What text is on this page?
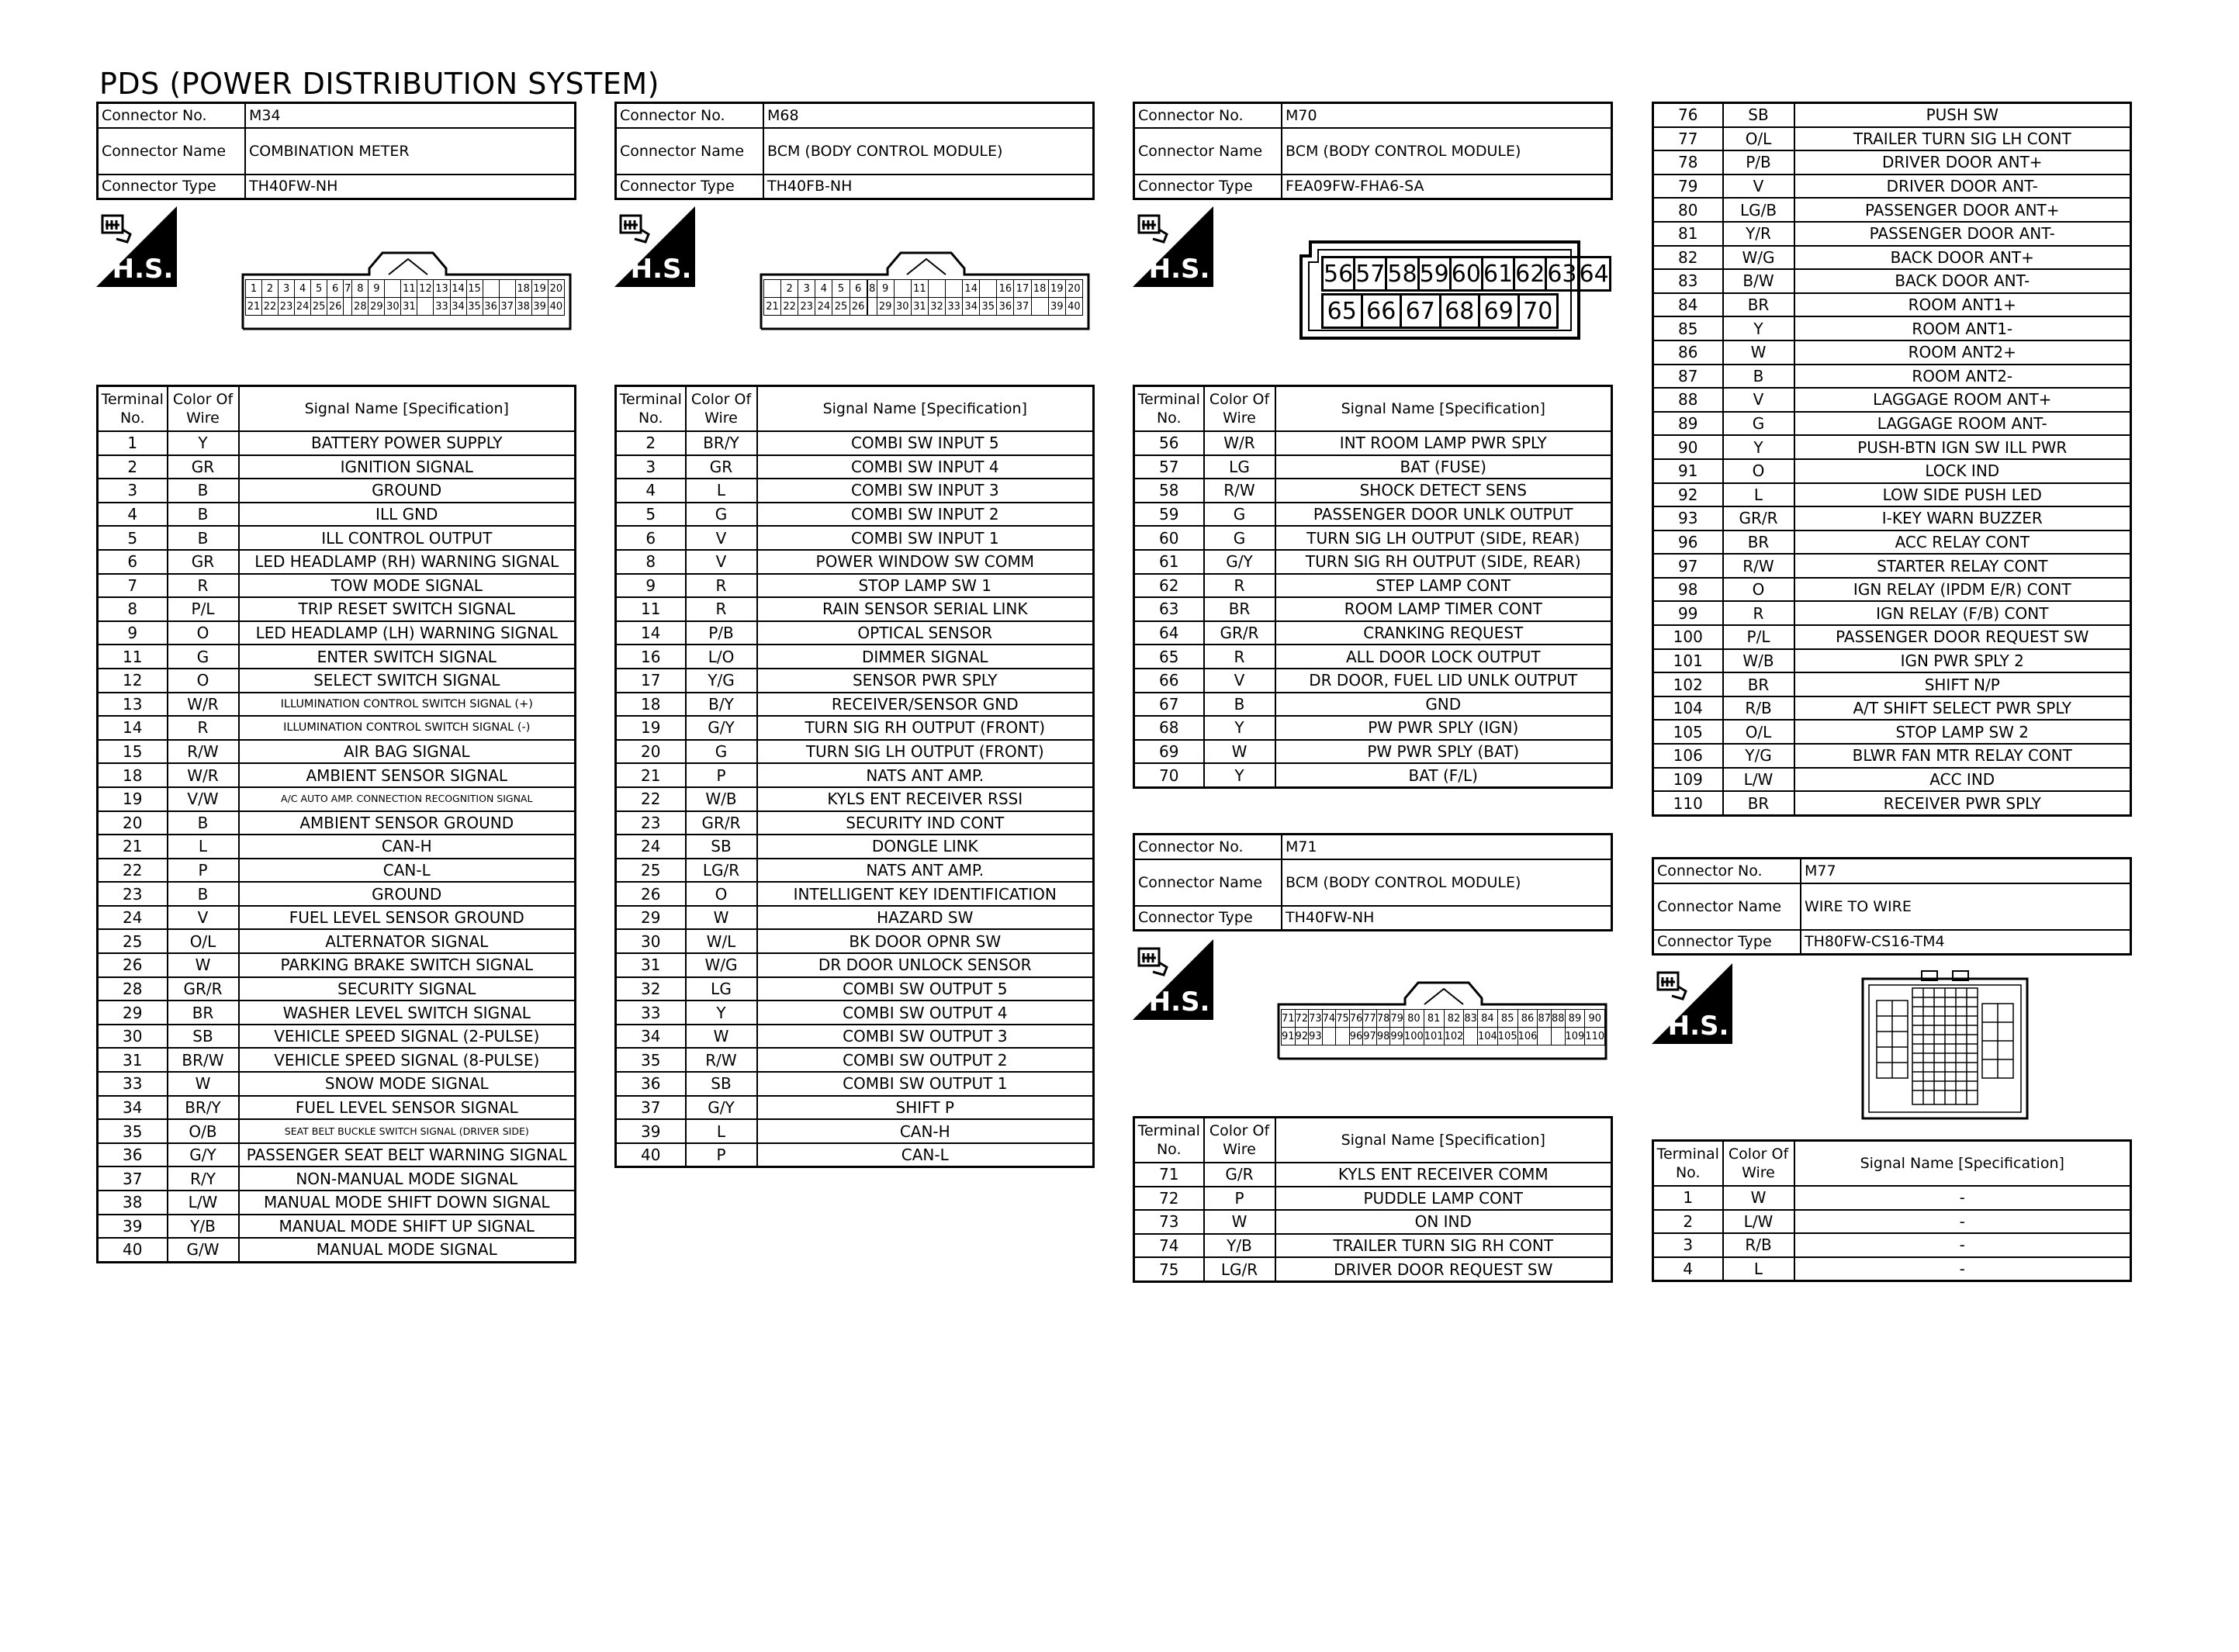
PDS (POWER DISTRIBUTION SYSTEM)
Connector No.	M34
Connector Name	COMBINATION METER
Connector Type	TH40FW-NH
Connector No.	M68
Connector Name	BCM (BODY CONTROL MODULE)
Connector Type	TH40FB-NH
Connector No.	M70
Connector Name	BCM (BODY CONTROL MODULE)
Connector Type	FEA09FW-FHA6-SA
Connector No.	M71
Connector Name	BCM (BODY CONTROL MODULE)
Connector Type	TH40FW-NH
Connector No.	M77
Connector Name	WIRE TO WIRE
Connector Type	TH80FW-CS16-TM4
H.S.	H.S.	H.S.
H.S.
H.S.
1	2	3	4	5	6	7	8	9		11	12	13	14	15			18	19	20
21	22	23	24	25	26		28	29	30	31		33	34	35	36	37	38	39	40
	2	3	4	5	6		8	9		11			14		16	17	18	19	20
21	22	23	24	25	26			29	30	31	32	33	34	35	36	37		39	40
56	57	58	59	60	61	62	63	64
65	66	67	68	69	70
71	72	73	74	75	76	77	78	79	80	81	82	83	84	85	86	87	88	89	90
91	92	93			96	97	98	99	100	101	102		104	105	106			109	110
Terminal No.	Color Of Wire	Signal Name [Specification]
1	Y	BATTERY POWER SUPPLY
2	GR	IGNITION SIGNAL
3	B	GROUND
4	B	ILL GND
5	B	ILL CONTROL OUTPUT
6	GR	LED HEADLAMP (RH) WARNING SIGNAL
7	R	TOW MODE SIGNAL
8	P/L	TRIP RESET SWITCH SIGNAL
9	O	LED HEADLAMP (LH) WARNING SIGNAL
11	G	ENTER SWITCH SIGNAL
12	O	SELECT SWITCH SIGNAL
13	W/R	ILLUMINATION CONTROL SWITCH SIGNAL (+)
14	R	ILLUMINATION CONTROL SWITCH SIGNAL (-)
15	R/W	AIR BAG SIGNAL
18	W/R	AMBIENT SENSOR SIGNAL
19	V/W	A/C AUTO AMP. CONNECTION RECOGNITION SIGNAL
20	B	AMBIENT SENSOR GROUND
21	L	CAN-H
22	P	CAN-L
23	B	GROUND
24	V	FUEL LEVEL SENSOR GROUND
25	O/L	ALTERNATOR SIGNAL
26	W	PARKING BRAKE SWITCH SIGNAL
28	GR/R	SECURITY SIGNAL
29	BR	WASHER LEVEL SWITCH SIGNAL
30	SB	VEHICLE SPEED SIGNAL (2-PULSE)
31	BR/W	VEHICLE SPEED SIGNAL (8-PULSE)
33	W	SNOW MODE SIGNAL
34	BR/Y	FUEL LEVEL SENSOR SIGNAL
35	O/B	SEAT BELT BUCKLE SWITCH SIGNAL (DRIVER SIDE)
36	G/Y	PASSENGER SEAT BELT WARNING SIGNAL
37	R/Y	NON-MANUAL MODE SIGNAL
38	L/W	MANUAL MODE SHIFT DOWN SIGNAL
39	Y/B	MANUAL MODE SHIFT UP SIGNAL
40	G/W	MANUAL MODE SIGNAL
Terminal No.	Color Of Wire	Signal Name [Specification]
2	BR/Y	COMBI SW INPUT 5
3	GR	COMBI SW INPUT 4
4	L	COMBI SW INPUT 3
5	G	COMBI SW INPUT 2
6	V	COMBI SW INPUT 1
8	V	POWER WINDOW SW COMM
9	R	STOP LAMP SW 1
11	R	RAIN SENSOR SERIAL LINK
14	P/B	OPTICAL SENSOR
16	L/O	DIMMER SIGNAL
17	Y/G	SENSOR PWR SPLY
18	B/Y	RECEIVER/SENSOR GND
19	G/Y	TURN SIG RH OUTPUT (FRONT)
20	G	TURN SIG LH OUTPUT (FRONT)
21	P	NATS ANT AMP.
22	W/B	KYLS ENT RECEIVER RSSI
23	GR/R	SECURITY IND CONT
24	SB	DONGLE LINK
25	LG/R	NATS ANT AMP.
26	O	INTELLIGENT KEY IDENTIFICATION
29	W	HAZARD SW
30	W/L	BK DOOR OPNR SW
31	W/G	DR DOOR UNLOCK SENSOR
32	LG	COMBI SW OUTPUT 5
33	Y	COMBI SW OUTPUT 4
34	W	COMBI SW OUTPUT 3
35	R/W	COMBI SW OUTPUT 2
36	SB	COMBI SW OUTPUT 1
37	G/Y	SHIFT P
39	L	CAN-H
40	P	CAN-L
Terminal No.	Color Of Wire	Signal Name [Specification]
56	W/R	INT ROOM LAMP PWR SPLY
57	LG	BAT (FUSE)
58	R/W	SHOCK DETECT SENS
59	G	PASSENGER DOOR UNLK OUTPUT
60	G	TURN SIG LH OUTPUT (SIDE, REAR)
61	G/Y	TURN SIG RH OUTPUT (SIDE, REAR)
62	R	STEP LAMP CONT
63	BR	ROOM LAMP TIMER CONT
64	GR/R	CRANKING REQUEST
65	R	ALL DOOR LOCK OUTPUT
66	V	DR DOOR, FUEL LID UNLK OUTPUT
67	B	GND
68	Y	PW PWR SPLY (IGN)
69	W	PW PWR SPLY (BAT)
70	Y	BAT (F/L)
Terminal No.	Color Of Wire	Signal Name [Specification]
71	G/R	KYLS ENT RECEIVER COMM
72	P	PUDDLE LAMP CONT
73	W	ON IND
74	Y/B	TRAILER TURN SIG RH CONT
75	LG/R	DRIVER DOOR REQUEST SW
76	SB	PUSH SW
77	O/L	TRAILER TURN SIG LH CONT
78	P/B	DRIVER DOOR ANT+
79	V	DRIVER DOOR ANT-
80	LG/B	PASSENGER DOOR ANT+
81	Y/R	PASSENGER DOOR ANT-
82	W/G	BACK DOOR ANT+
83	B/W	BACK DOOR ANT-
84	BR	ROOM ANT1+
85	Y	ROOM ANT1-
86	W	ROOM ANT2+
87	B	ROOM ANT2-
88	V	LAGGAGE ROOM ANT+
89	G	LAGGAGE ROOM ANT-
90	Y	PUSH-BTN IGN SW ILL PWR
91	O	LOCK IND
92	L	LOW SIDE PUSH LED
93	GR/R	I-KEY WARN BUZZER
96	BR	ACC RELAY CONT
97	R/W	STARTER RELAY CONT
98	O	IGN RELAY (IPDM E/R) CONT
99	R	IGN RELAY (F/B) CONT
100	P/L	PASSENGER DOOR REQUEST SW
101	W/B	IGN PWR SPLY 2
102	BR	SHIFT N/P
104	R/B	A/T SHIFT SELECT PWR SPLY
105	O/L	STOP LAMP SW 2
106	Y/G	BLWR FAN MTR RELAY CONT
109	L/W	ACC IND
110	BR	RECEIVER PWR SPLY
Terminal No.	Color Of Wire	Signal Name [Specification]
1	W	-
2	L/W	-
3	R/B	-
4	L	-
